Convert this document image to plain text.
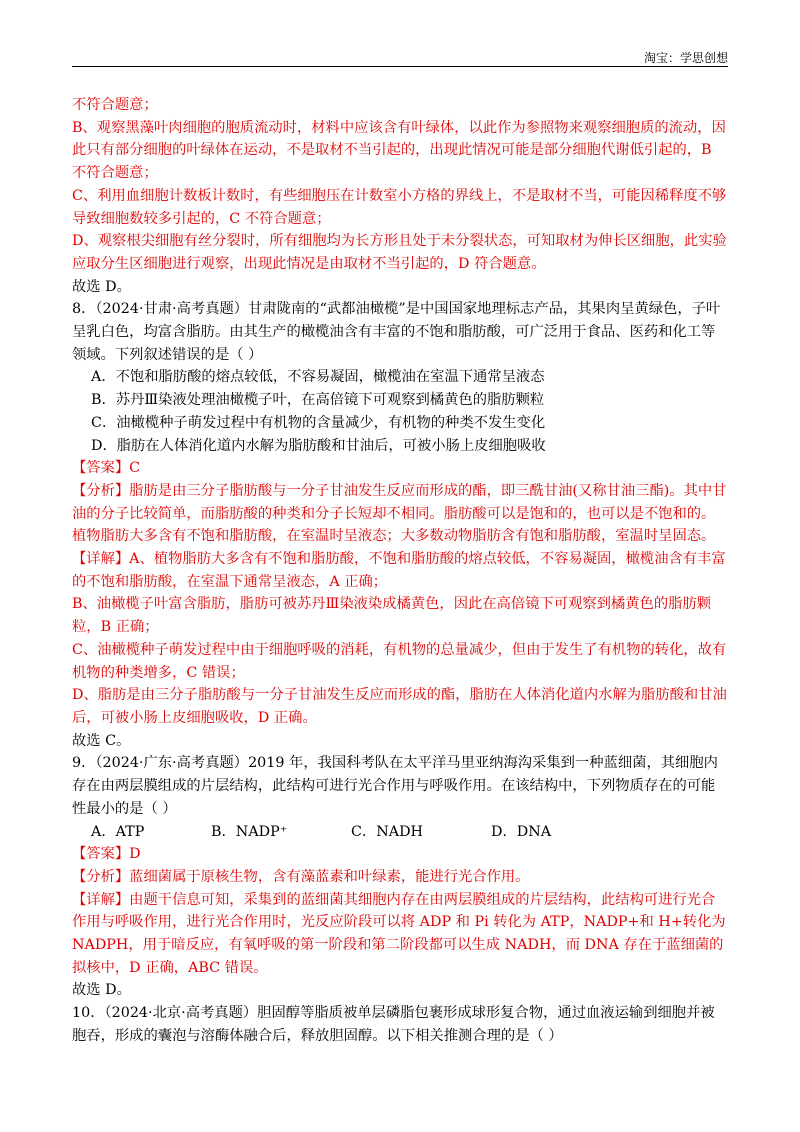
淘宝：学思创想

不符合题意；

B、观察黑藻叶肉细胞的胞质流动时，材料中应该含有叶绿体，以此作为参照物来观察细胞质的流动，因此只有部分细胞的叶绿体在运动，不是取材不当引起的，出现此情况可能是部分细胞代谢低引起的，B 不符合题意；

C、利用血细胞计数板计数时，有些细胞压在计数室小方格的界线上，不是取材不当，可能因稀释度不够导致细胞数较多引起的，C 不符合题意；

D、观察根尖细胞有丝分裂时，所有细胞均为长方形且处于未分裂状态，可知取材为伸长区细胞，此实验应取分生区细胞进行观察，出现此情况是由取材不当引起的，D 符合题意。

故选 D。

8．（2024·甘肃·高考真题）甘肃陇南的“武都油橄榄”是中国国家地理标志产品，其果肉呈黄绿色，子叶呈乳白色，均富含脂肪。由其生产的橄榄油含有丰富的不饱和脂肪酸，可广泛用于食品、医药和化工等领域。下列叙述错误的是（ ）

A．不饱和脂肪酸的熔点较低，不容易凝固，橄榄油在室温下通常呈液态

B．苏丹Ⅲ染液处理油橄榄子叶，在高倍镜下可观察到橘黄色的脂肪颗粒

C．油橄榄种子萌发过程中有机物的含量减少，有机物的种类不发生变化

D．脂肪在人体消化道内水解为脂肪酸和甘油后，可被小肠上皮细胞吸收

【答案】C

【分析】脂肪是由三分子脂肪酸与一分子甘油发生反应而形成的酯，即三酰甘油(又称甘油三酯)。其中甘油的分子比较简单，而脂肪酸的种类和分子长短却不相同。脂肪酸可以是饱和的，也可以是不饱和的。植物脂肪大多含有不饱和脂肪酸，在室温时呈液态；大多数动物脂肪含有饱和脂肪酸，室温时呈固态。

【详解】A、植物脂肪大多含有不饱和脂肪酸，不饱和脂肪酸的熔点较低，不容易凝固，橄榄油含有丰富的不饱和脂肪酸，在室温下通常呈液态，A 正确；

B、油橄榄子叶富含脂肪，脂肪可被苏丹Ⅲ染液染成橘黄色，因此在高倍镜下可观察到橘黄色的脂肪颗粒，B 正确；

C、油橄榄种子萌发过程中由于细胞呼吸的消耗，有机物的总量减少，但由于发生了有机物的转化，故有机物的种类增多，C 错误；

D、脂肪是由三分子脂肪酸与一分子甘油发生反应而形成的酯，脂肪在人体消化道内水解为脂肪酸和甘油后，可被小肠上皮细胞吸收，D 正确。

故选 C。

9．（2024·广东·高考真题）2019 年，我国科考队在太平洋马里亚纳海沟采集到一种蓝细菌，其细胞内存在由两层膜组成的片层结构，此结构可进行光合作用与呼吸作用。在该结构中，下列物质存在的可能性最小的是（ ）

A．ATP	B．NADP⁺	C．NADH	D．DNA

【答案】D

【分析】蓝细菌属于原核生物，含有藻蓝素和叶绿素，能进行光合作用。

【详解】由题干信息可知，采集到的蓝细菌其细胞内存在由两层膜组成的片层结构，此结构可进行光合作用与呼吸作用，进行光合作用时，光反应阶段可以将 ADP 和 Pi 转化为 ATP，NADP+和 H+转化为 NADPH，用于暗反应，有氧呼吸的第一阶段和第二阶段都可以生成 NADH，而 DNA 存在于蓝细菌的拟核中，D 正确，ABC 错误。

故选 D。

10．（2024·北京·高考真题）胆固醇等脂质被单层磷脂包裹形成球形复合物，通过血液运输到细胞并被胞吞，形成的囊泡与溶酶体融合后，释放胆固醇。以下相关推测合理的是（ ）
